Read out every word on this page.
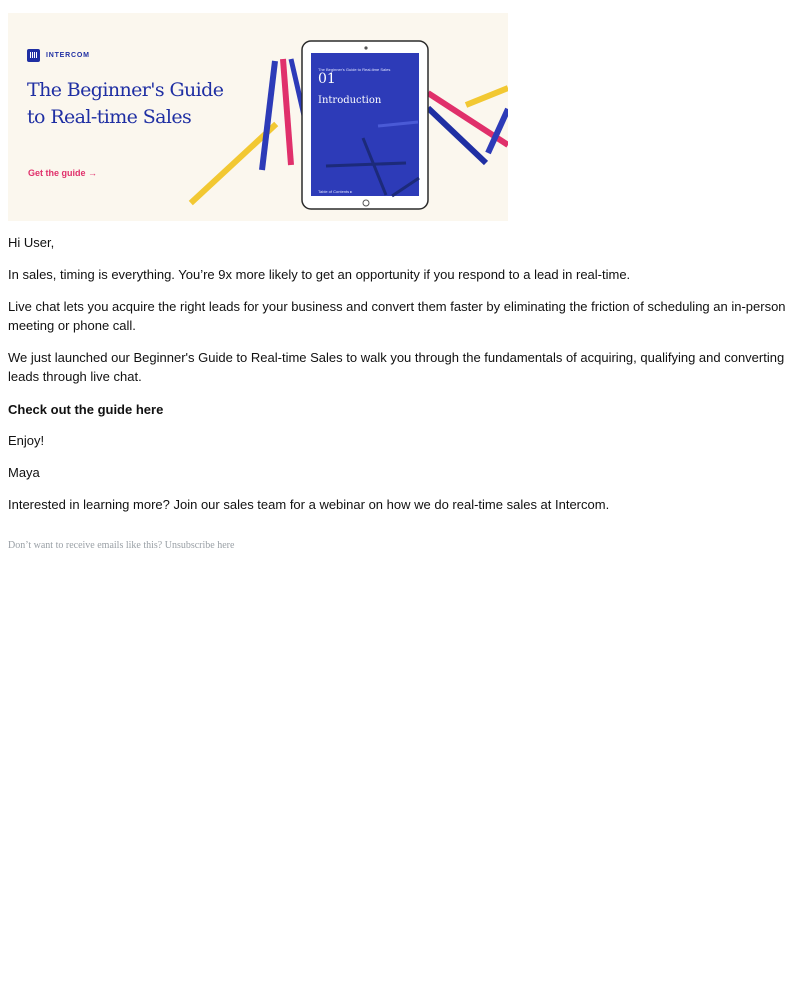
INTERCOM
The Beginner's Guide to Real-time Sales
Get the guide →
The Beginner's Guide to Real-time Sales
01
Introduction
Table of Contents ▸

Hi User,

In sales, timing is everything. You’re 9x more likely to get an opportunity if you respond to a lead in real-time.

Live chat lets you acquire the right leads for your business and convert them faster by eliminating the friction of scheduling an in-person meeting or phone call.

We just launched our Beginner's Guide to Real-time Sales to walk you through the fundamentals of acquiring, qualifying and converting leads through live chat.

Check out the guide here

Enjoy!

Maya

Interested in learning more? Join our sales team for a webinar on how we do real-time sales at Intercom.

Don’t want to receive emails like this? Unsubscribe here
